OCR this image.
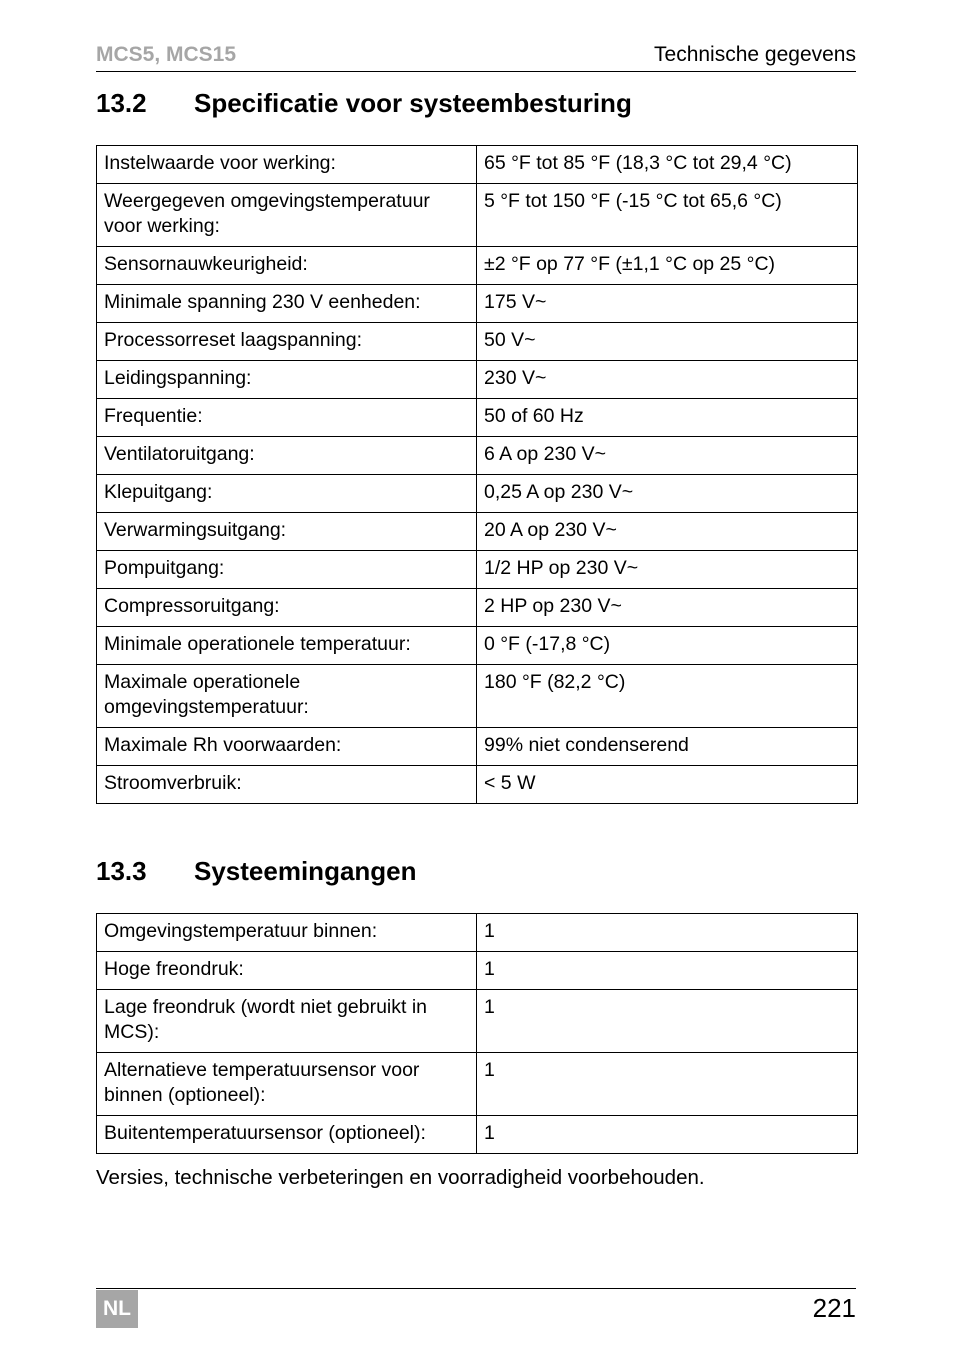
MCS5, MCS15	Technische gegevens
13.2 Specificatie voor systeembesturing
Instelwaarde voor werking:	65 °F tot 85 °F (18,3 °C tot 29,4 °C)
Weergegeven omgevingstemperatuur voor werking:	5 °F tot 150 °F (-15 °C tot 65,6 °C)
Sensornauwkeurigheid:	±2 °F op 77 °F (±1,1 °C op 25 °C)
Minimale spanning 230 V eenheden:	175 V~
Processorreset laagspanning:	50 V~
Leidingspanning:	230 V~
Frequentie:	50 of 60 Hz
Ventilatoruitgang:	6 A op 230 V~
Klepuitgang:	0,25 A op 230 V~
Verwarmingsuitgang:	20 A op 230 V~
Pompuitgang:	1/2 HP op 230 V~
Compressoruitgang:	2 HP op 230 V~
Minimale operationele temperatuur:	0 °F (-17,8 °C)
Maximale operationele omgevingstemperatuur:	180 °F (82,2 °C)
Maximale Rh voorwaarden:	99% niet condenserend
Stroomverbruik:	< 5 W
13.3 Systeemingangen
Omgevingstemperatuur binnen:	1
Hoge freondruk:	1
Lage freondruk (wordt niet gebruikt in MCS):	1
Alternatieve temperatuursensor voor binnen (optioneel):	1
Buitentemperatuursensor (optioneel):	1
Versies, technische verbeteringen en voorradigheid voorbehouden.
NL	221
